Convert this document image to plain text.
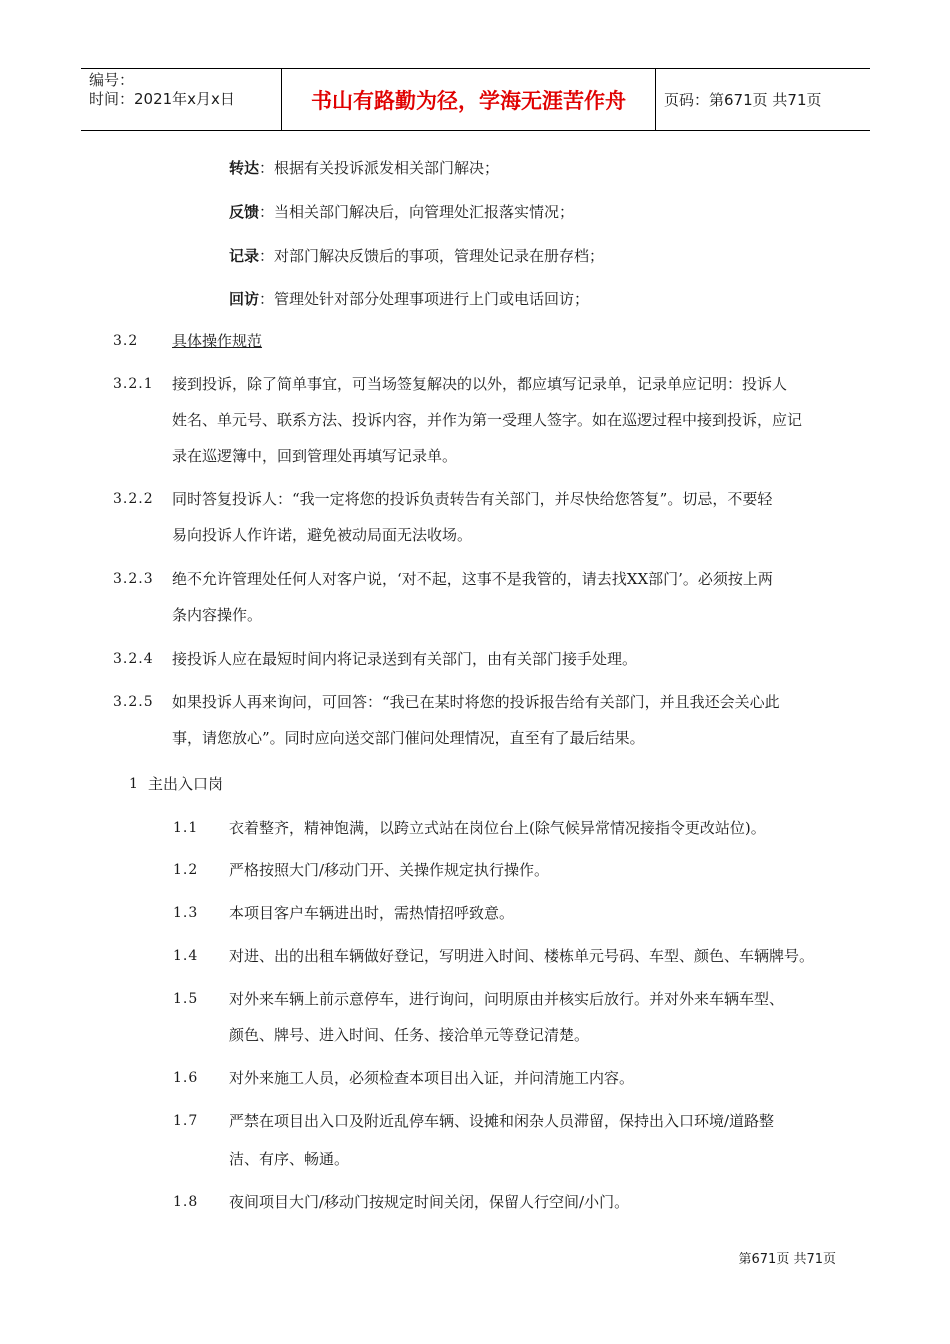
编号：
时间：2021年x月x日	书山有路勤为径，学海无涯苦作舟	页码：第671页 共71页
转达：根据有关投诉派发相关部门解决；
反馈：当相关部门解决后，向管理处汇报落实情况；
记录：对部门解决反馈后的事项，管理处记录在册存档；
回访：管理处针对部分处理事项进行上门或电话回访；
3.2 具体操作规范
3.2.1 接到投诉，除了简单事宜，可当场签复解决的以外，都应填写记录单，记录单应记明：投诉人
姓名、单元号、联系方法、投诉内容，并作为第一受理人签字。如在巡逻过程中接到投诉，应记
录在巡逻簿中，回到管理处再填写记录单。
3.2.2 同时答复投诉人：“我一定将您的投诉负责转告有关部门，并尽快给您答复”。切忌，不要轻
易向投诉人作许诺，避免被动局面无法收场。
3.2.3 绝不允许管理处任何人对客户说，‘对不起，这事不是我管的，请去找XX部门’。必须按上两
条内容操作。
3.2.4 接投诉人应在最短时间内将记录送到有关部门，由有关部门接手处理。
3.2.5 如果投诉人再来询问，可回答：“我已在某时将您的投诉报告给有关部门，并且我还会关心此
事，请您放心”。同时应向送交部门催问处理情况，直至有了最后结果。
1 主出入口岗
1.1 衣着整齐，精神饱满，以跨立式站在岗位台上(除气候异常情况接指令更改站位)。
1.2 严格按照大门/移动门开、关操作规定执行操作。
1.3 本项目客户车辆进出时，需热情招呼致意。
1.4 对进、出的出租车辆做好登记，写明进入时间、楼栋单元号码、车型、颜色、车辆牌号。
1.5 对外来车辆上前示意停车，进行询问，问明原由并核实后放行。并对外来车辆车型、
颜色、牌号、进入时间、任务、接洽单元等登记清楚。
1.6 对外来施工人员，必须检查本项目出入证，并问清施工内容。
1.7 严禁在项目出入口及附近乱停车辆、设摊和闲杂人员滞留，保持出入口环境/道路整
洁、有序、畅通。
1.8 夜间项目大门/移动门按规定时间关闭，保留人行空间/小门。
第671页 共71页
